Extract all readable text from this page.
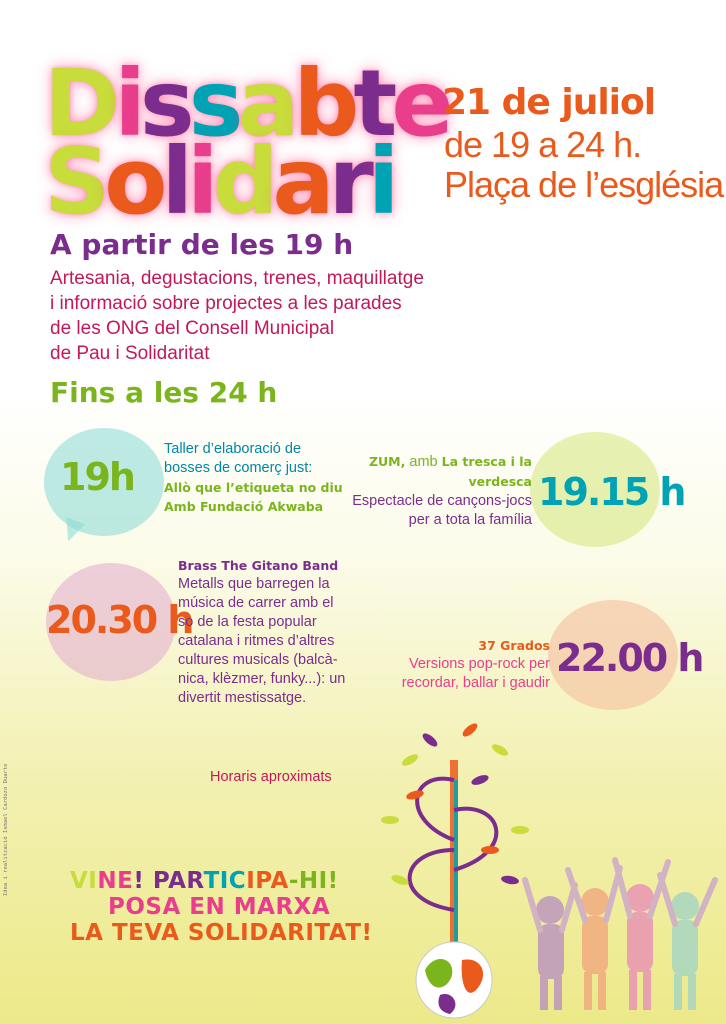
Dissabte
Solidari
21 de juliol
de 19 a 24 h.
Plaça de l’església
A partir de les 19 h
Artesania, degustacions, trenes, maquillatge
i informació sobre projectes a les parades
de les ONG del Consell Municipal
de Pau i Solidaritat
Fins a les 24 h
19h
Taller d’elaboració de bosses de comerç just:
Allò que l’etiqueta no diu
Amb Fundació Akwaba	19.15 h
ZUM, amb La tresca i la verdesca
Espectacle de cançons-jocs per a tota la família
20.30 h
Brass The Gitano Band
Metalls que barregen la música de carrer amb el so de la festa popular catalana i ritmes d’altres cultures musicals (balcà-nica, klèzmer, funky...): un divertit mestissatge.
22.00 h
37 Grados
Versions pop-rock per recordar, ballar i gaudir
Horaris aproximats
Idea i realització Ismael Cardozo Duarte	VINE! PARTICIPA-HI!
POSA EN MARXA
LA TEVA SOLIDARITAT!
